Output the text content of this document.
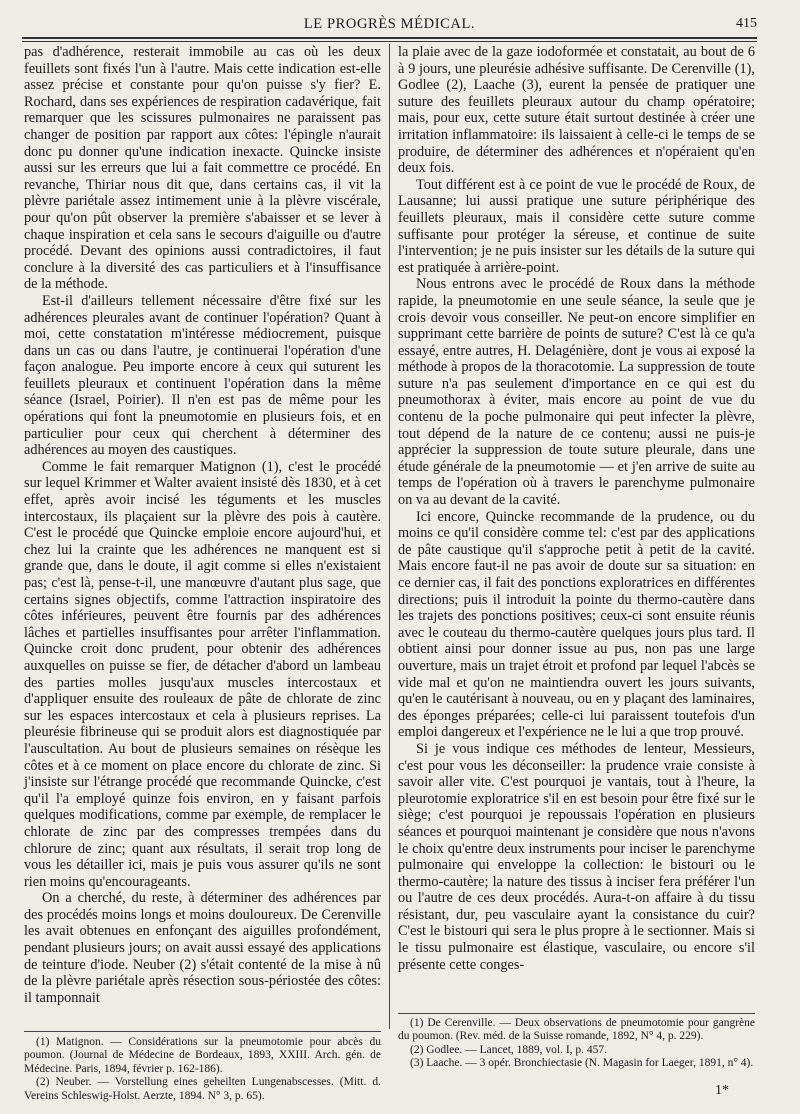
LE PROGRÈS MÉDICAL.	415

pas d'adhérence, resterait immobile au cas où les deux feuillets sont fixés l'un à l'autre. Mais cette indication est-elle assez précise et constante pour qu'on puisse s'y fier? E. Rochard, dans ses expériences de respiration cadavérique, fait remarquer que les scissures pulmonaires ne paraissent pas changer de position par rapport aux côtes: l'épingle n'aurait donc pu donner qu'une indication inexacte. Quincke insiste aussi sur les erreurs que lui a fait commettre ce procédé. En revanche, Thiriar nous dit que, dans certains cas, il vit la plèvre pariétale assez intimement unie à la plèvre viscérale, pour qu'on pût observer la première s'abaisser et se lever à chaque inspiration et cela sans le secours d'aiguille ou d'autre procédé. Devant des opinions aussi contradictoires, il faut conclure à la diversité des cas particuliers et à l'insuffisance de la méthode.

Est-il d'ailleurs tellement nécessaire d'être fixé sur les adhérences pleurales avant de continuer l'opération? Quant à moi, cette constatation m'intéresse médiocrement, puisque dans un cas ou dans l'autre, je continuerai l'opération d'une façon analogue. Peu importe encore à ceux qui suturent les feuillets pleuraux et continuent l'opération dans la même séance (Israel, Poirier). Il n'en est pas de même pour les opérations qui font la pneumotomie en plusieurs fois, et en particulier pour ceux qui cherchent à déterminer des adhérences au moyen des caustiques.

Comme le fait remarquer Matignon (1), c'est le procédé sur lequel Krimmer et Walter avaient insisté dès 1830, et à cet effet, après avoir incisé les téguments et les muscles intercostaux, ils plaçaient sur la plèvre des pois à cautère. C'est le procédé que Quincke emploie encore aujourd'hui, et chez lui la crainte que les adhérences ne manquent est si grande que, dans le doute, il agit comme si elles n'existaient pas; c'est là, pense-t-il, une manœuvre d'autant plus sage, que certains signes objectifs, comme l'attraction inspiratoire des côtes inférieures, peuvent être fournis par des adhérences lâches et partielles insuffisantes pour arrêter l'inflammation. Quincke croit donc prudent, pour obtenir des adhérences auxquelles on puisse se fier, de détacher d'abord un lambeau des parties molles jusqu'aux muscles intercostaux et d'appliquer ensuite des rouleaux de pâte de chlorate de zinc sur les espaces intercostaux et cela à plusieurs reprises. La pleurésie fibrineuse qui se produit alors est diagnostiquée par l'auscultation. Au bout de plusieurs semaines on résèque les côtes et à ce moment on place encore du chlorate de zinc. Si j'insiste sur l'étrange procédé que recommande Quincke, c'est qu'il l'a employé quinze fois environ, en y faisant parfois quelques modifications, comme par exemple, de remplacer le chlorate de zinc par des compresses trempées dans du chlorure de zinc; quant aux résultats, il serait trop long de vous les détailler ici, mais je puis vous assurer qu'ils ne sont rien moins qu'encourageants.

On a cherché, du reste, à déterminer des adhérences par des procédés moins longs et moins douloureux. De Cerenville les avait obtenues en enfonçant des aiguilles profondément, pendant plusieurs jours; on avait aussi essayé des applications de teinture d'iode. Neuber (2) s'était contenté de la mise à nû de la plèvre pariétale après résection sous-périostée des côtes: il tamponnait

la plaie avec de la gaze iodoformée et constatait, au bout de 6 à 9 jours, une pleurésie adhésive suffisante. De Cerenville (1), Godlee (2), Laache (3), eurent la pensée de pratiquer une suture des feuillets pleuraux autour du champ opératoire; mais, pour eux, cette suture était surtout destinée à créer une irritation inflammatoire: ils laissaient à celle-ci le temps de se produire, de déterminer des adhérences et n'opéraient qu'en deux fois.

Tout différent est à ce point de vue le procédé de Roux, de Lausanne; lui aussi pratique une suture périphérique des feuillets pleuraux, mais il considère cette suture comme suffisante pour protéger la séreuse, et continue de suite l'intervention; je ne puis insister sur les détails de la suture qui est pratiquée à arrière-point.

Nous entrons avec le procédé de Roux dans la méthode rapide, la pneumotomie en une seule séance, la seule que je crois devoir vous conseiller. Ne peut-on encore simplifier en supprimant cette barrière de points de suture? C'est là ce qu'a essayé, entre autres, H. Delagénière, dont je vous ai exposé la méthode à propos de la thoracotomie. La suppression de toute suture n'a pas seulement d'importance en ce qui est du pneumothorax à éviter, mais encore au point de vue du contenu de la poche pulmonaire qui peut infecter la plèvre, tout dépend de la nature de ce contenu; aussi ne puis-je apprécier la suppression de toute suture pleurale, dans une étude générale de la pneumotomie — et j'en arrive de suite au temps de l'opération où à travers le parenchyme pulmonaire on va au devant de la cavité.

Ici encore, Quincke recommande de la prudence, ou du moins ce qu'il considère comme tel: c'est par des applications de pâte caustique qu'il s'approche petit à petit de la cavité. Mais encore faut-il ne pas avoir de doute sur sa situation: en ce dernier cas, il fait des ponctions exploratrices en différentes directions; puis il introduit la pointe du thermo-cautère dans les trajets des ponctions positives; ceux-ci sont ensuite réunis avec le couteau du thermo-cautère quelques jours plus tard. Il obtient ainsi pour donner issue au pus, non pas une large ouverture, mais un trajet étroit et profond par lequel l'abcès se vide mal et qu'on ne maintiendra ouvert les jours suivants, qu'en le cautérisant à nouveau, ou en y plaçant des laminaires, des éponges préparées; celle-ci lui paraissent toutefois d'un emploi dangereux et l'expérience ne le lui a que trop prouvé.

Si je vous indique ces méthodes de lenteur, Messieurs, c'est pour vous les déconseiller: la prudence vraie consiste à savoir aller vite. C'est pourquoi je vantais, tout à l'heure, la pleurotomie exploratrice s'il en est besoin pour être fixé sur le siège; c'est pourquoi je repoussais l'opération en plusieurs séances et pourquoi maintenant je considère que nous n'avons le choix qu'entre deux instruments pour inciser le parenchyme pulmonaire qui enveloppe la collection: le bistouri ou le thermo-cautère; la nature des tissus à inciser fera préférer l'un ou l'autre de ces deux procédés. Aura-t-on affaire à du tissu résistant, dur, peu vasculaire ayant la consistance du cuir? C'est le bistouri qui sera le plus propre à le sectionner. Mais si le tissu pulmonaire est élastique, vasculaire, ou encore s'il présente cette conges-

(1) Matignon. — Considérations sur la pneumotomie pour abcès du poumon. (Journal de Médecine de Bordeaux, 1893, XXIII. Arch. gén. de Médecine. Paris, 1894, février p. 162-186).

(2) Neuber. — Vorstellung eines geheilten Lungenabscesses. (Mitt. d. Vereins Schleswig-Holst. Aerzte, 1894. N° 3, p. 65).

(1) De Cerenville. — Deux observations de pneumotomie pour gangrène du poumon. (Rev. méd. de la Suisse romande, 1892, N° 4, p. 229).

(2) Godlee. — Lancet, 1889, vol. I, p. 457.

(3) Laache. — 3 opér. Bronchiectasie (N. Magasin for Laeger, 1891, n° 4).

1*
